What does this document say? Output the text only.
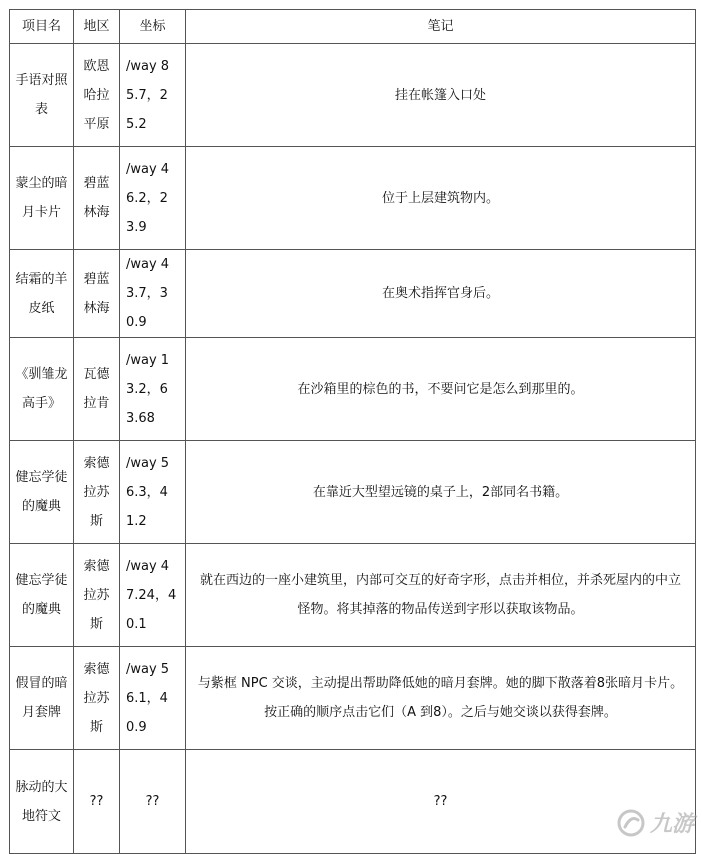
项目名	地区	坐标	笔记
手语对照表	欧恩哈拉平原	/way 85.7，25.2	挂在帐篷入口处
蒙尘的暗月卡片	碧蓝林海	/way 46.2，23.9	位于上层建筑物内。
结霜的羊皮纸	碧蓝林海	/way 43.7，30.9	在奥术指挥官身后。
《驯雏龙高手》	瓦德拉肯	/way 13.2，63.68	在沙箱里的棕色的书，不要问它是怎么到那里的。
健忘学徒的魔典	索德拉苏斯	/way 56.3，41.2	在靠近大型望远镜的桌子上，2部同名书籍。
健忘学徒的魔典	索德拉苏斯	/way 47.24，40.1	就在西边的一座小建筑里，内部可交互的好奇字形，点击并相位，并杀死屋内的中立怪物。将其掉落的物品传送到字形以获取该物品。
假冒的暗月套牌	索德拉苏斯	/way 56.1，40.9	与紫框 NPC 交谈，主动提出帮助降低她的暗月套牌。她的脚下散落着8张暗月卡片。按正确的顺序点击它们（A 到8）。之后与她交谈以获得套牌。
脉动的大地符文	??	??	??
九游
